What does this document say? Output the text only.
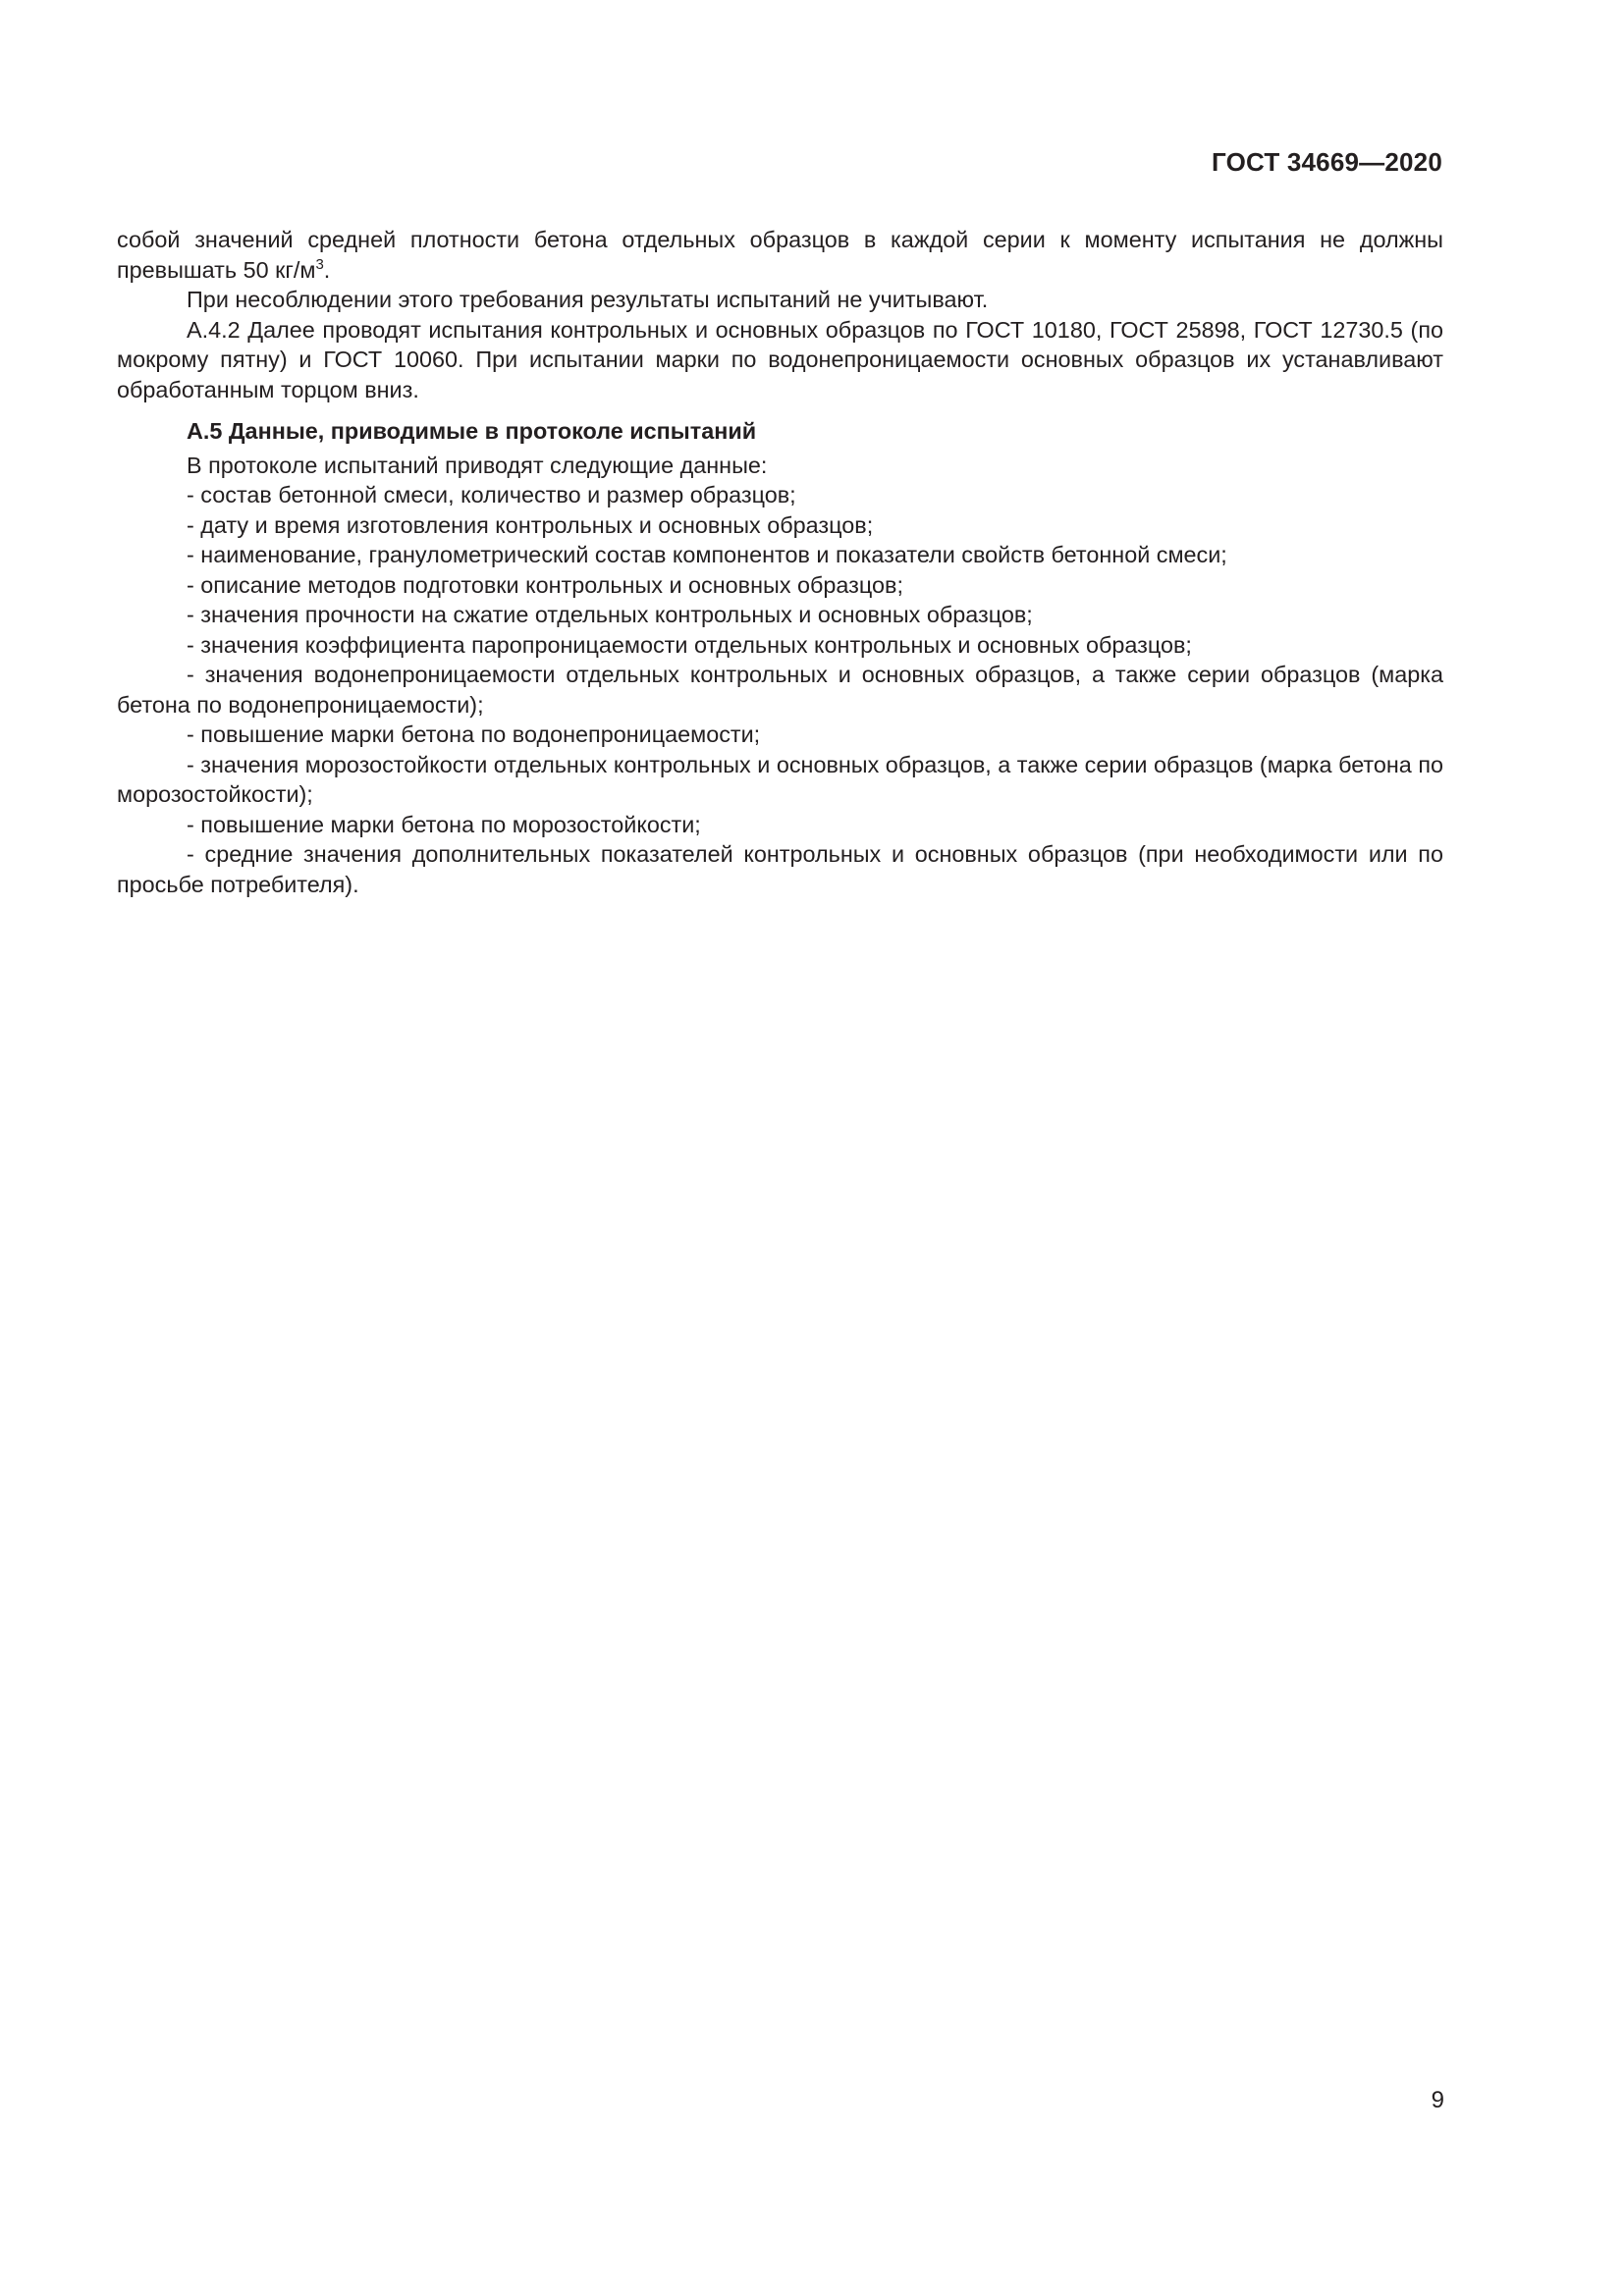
ГОСТ 34669—2020

собой значений средней плотности бетона отдельных образцов в каждой серии к моменту испытания не должны превышать 50 $кг/м^3$.

При несоблюдении этого требования результаты испытаний не учитывают.

А.4.2 Далее проводят испытания контрольных и основных образцов по ГОСТ 10180, ГОСТ 25898, ГОСТ 12730.5 (по мокрому пятну) и ГОСТ 10060. При испытании марки по водонепроницаемости основных образцов их устанавливают обработанным торцом вниз.

А.5 Данные, приводимые в протоколе испытаний

В протоколе испытаний приводят следующие данные:

- состав бетонной смеси, количество и размер образцов;

- дату и время изготовления контрольных и основных образцов;

- наименование, гранулометрический состав компонентов и показатели свойств бетонной смеси;

- описание методов подготовки контрольных и основных образцов;

- значения прочности на сжатие отдельных контрольных и основных образцов;

- значения коэффициента паропроницаемости отдельных контрольных и основных образцов;

- значения водонепроницаемости отдельных контрольных и основных образцов, а также серии образцов (марка бетона по водонепроницаемости);

- повышение марки бетона по водонепроницаемости;

- значения морозостойкости отдельных контрольных и основных образцов, а также серии образцов (марка бетона по морозостойкости);

- повышение марки бетона по морозостойкости;

- средние значения дополнительных показателей контрольных и основных образцов (при необходимости или по просьбе потребителя).

9
